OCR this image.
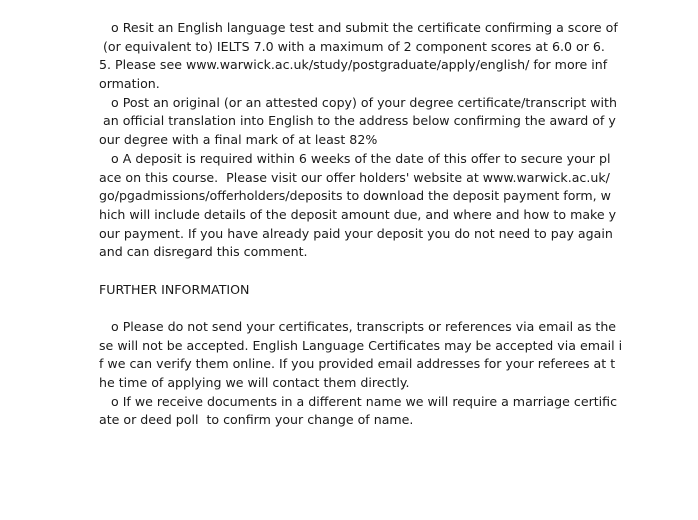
o Resit an English language test and submit the certificate confirming a score of
(or equivalent to) IELTS 7.0 with a maximum of 2 component scores at 6.0 or 6.
5. Please see www.warwick.ac.uk/study/postgraduate/apply/english/ for more inf
ormation.
o Post an original (or an attested copy) of your degree certificate/transcript with
an official translation into English to the address below confirming the award of y
our degree with a final mark of at least 82%
o A deposit is required within 6 weeks of the date of this offer to secure your pl
ace on this course.  Please visit our offer holders' website at www.warwick.ac.uk/
go/pgadmissions/offerholders/deposits to download the deposit payment form, w
hich will include details of the deposit amount due, and where and how to make y
our payment. If you have already paid your deposit you do not need to pay again
and can disregard this comment.
FURTHER INFORMATION
o Please do not send your certificates, transcripts or references via email as the
se will not be accepted. English Language Certificates may be accepted via email i
f we can verify them online. If you provided email addresses for your referees at t
he time of applying we will contact them directly.
o If we receive documents in a different name we will require a marriage certific
ate or deed poll  to confirm your change of name.
